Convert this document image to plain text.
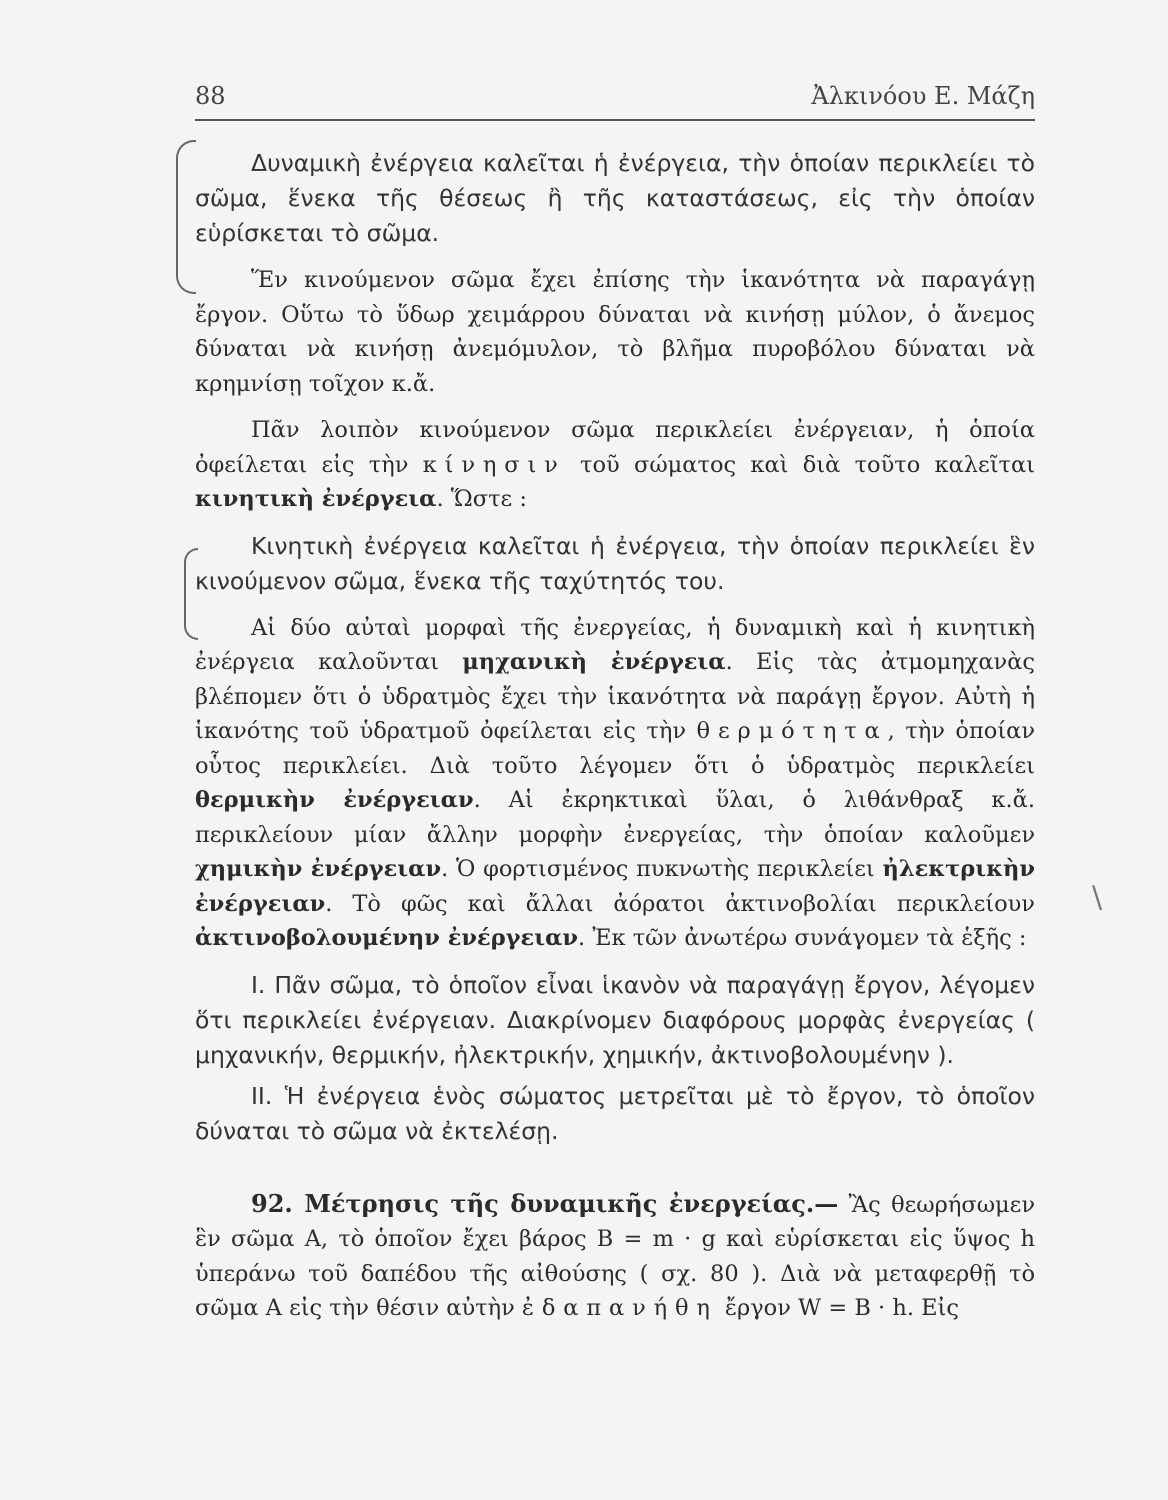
88	Ἀλκινόου Ε. Μάζη
\

Δυναμικὴ ἐνέργεια καλεῖται ἡ ἐνέργεια, τὴν ὁποίαν περικλείει τὸ σῶμα, ἕνεκα τῆς θέσεως ἢ τῆς καταστάσεως, εἰς τὴν ὁποίαν εὑρίσκεται τὸ σῶμα.

Ἕν κινούμενον σῶμα ἔχει ἐπίσης τὴν ἱκανότητα νὰ παραγάγῃ ἔργον. Οὕτω τὸ ὕδωρ χειμάρρου δύναται νὰ κινήσῃ μύλον, ὁ ἄνεμος δύναται νὰ κινήσῃ ἀνεμόμυλον, τὸ βλῆμα πυροβόλου δύναται νὰ κρημνίσῃ τοῖχον κ.ἄ.

Πᾶν λοιπὸν κινούμενον σῶμα περικλείει ἐνέργειαν, ἡ ὁποία ὀφείλεται εἰς τὴν κίνησιν τοῦ σώματος καὶ διὰ τοῦτο καλεῖται κινητικὴ ἐνέργεια. Ὥστε :

Κινητικὴ ἐνέργεια καλεῖται ἡ ἐνέργεια, τὴν ὁποίαν περικλείει ἓν κινούμενον σῶμα, ἕνεκα τῆς ταχύτητός του.

Αἱ δύο αὐταὶ μορφαὶ τῆς ἐνεργείας, ἡ δυναμικὴ καὶ ἡ κινητικὴ ἐνέργεια καλοῦνται μηχανικὴ ἐνέργεια. Εἰς τὰς ἀτμομηχανὰς βλέπομεν ὅτι ὁ ὑδρατμὸς ἔχει τὴν ἱκανότητα νὰ παράγῃ ἔργον. Αὐτὴ ἡ ἱκανότης τοῦ ὑδρατμοῦ ὀφείλεται εἰς τὴν θερμότητα, τὴν ὁποίαν οὗτος περικλείει. Διὰ τοῦτο λέγομεν ὅτι ὁ ὑδρατμὸς περικλείει θερμικὴν ἐνέργειαν. Αἱ ἐκρηκτικαὶ ὕλαι, ὁ λιθάνθραξ κ.ἄ. περικλείουν μίαν ἄλλην μορφὴν ἐνεργείας, τὴν ὁποίαν καλοῦμεν χημικὴν ἐνέργειαν. Ὁ φορτισμένος πυκνωτὴς περικλείει ἠλεκτρικὴν ἐνέργειαν. Τὸ φῶς καὶ ἄλλαι ἀόρατοι ἀκτινοβολίαι περικλείουν ἀκτινοβολουμένην ἐνέργειαν. Ἐκ τῶν ἀνωτέρω συνάγομεν τὰ ἑξῆς :

I. Πᾶν σῶμα, τὸ ὁποῖον εἶναι ἱκανὸν νὰ παραγάγῃ ἔργον, λέγομεν ὅτι περικλείει ἐνέργειαν. Διακρίνομεν διαφόρους μορφὰς ἐνεργείας ( μηχανικήν, θερμικήν, ἠλεκτρικήν, χημικήν, ἀκτινοβολουμένην ).

II. Ἡ ἐνέργεια ἑνὸς σώματος μετρεῖται μὲ τὸ ἔργον, τὸ ὁποῖον δύναται τὸ σῶμα νὰ ἐκτελέσῃ.

92. Μέτρησις τῆς δυναμικῆς ἐνεργείας.— Ἂς θεωρήσωμεν ἓν σῶμα Α, τὸ ὁποῖον ἔχει βάρος Β = m · g καὶ εὑρίσκεται εἰς ὕψος h ὑπεράνω τοῦ δαπέδου τῆς αἰθούσης ( σχ. 80 ). Διὰ νὰ μεταφερθῇ τὸ σῶμα Α εἰς τὴν θέσιν αὐτὴν ἐδαπανήθη ἔργον W = B · h. Εἰς
